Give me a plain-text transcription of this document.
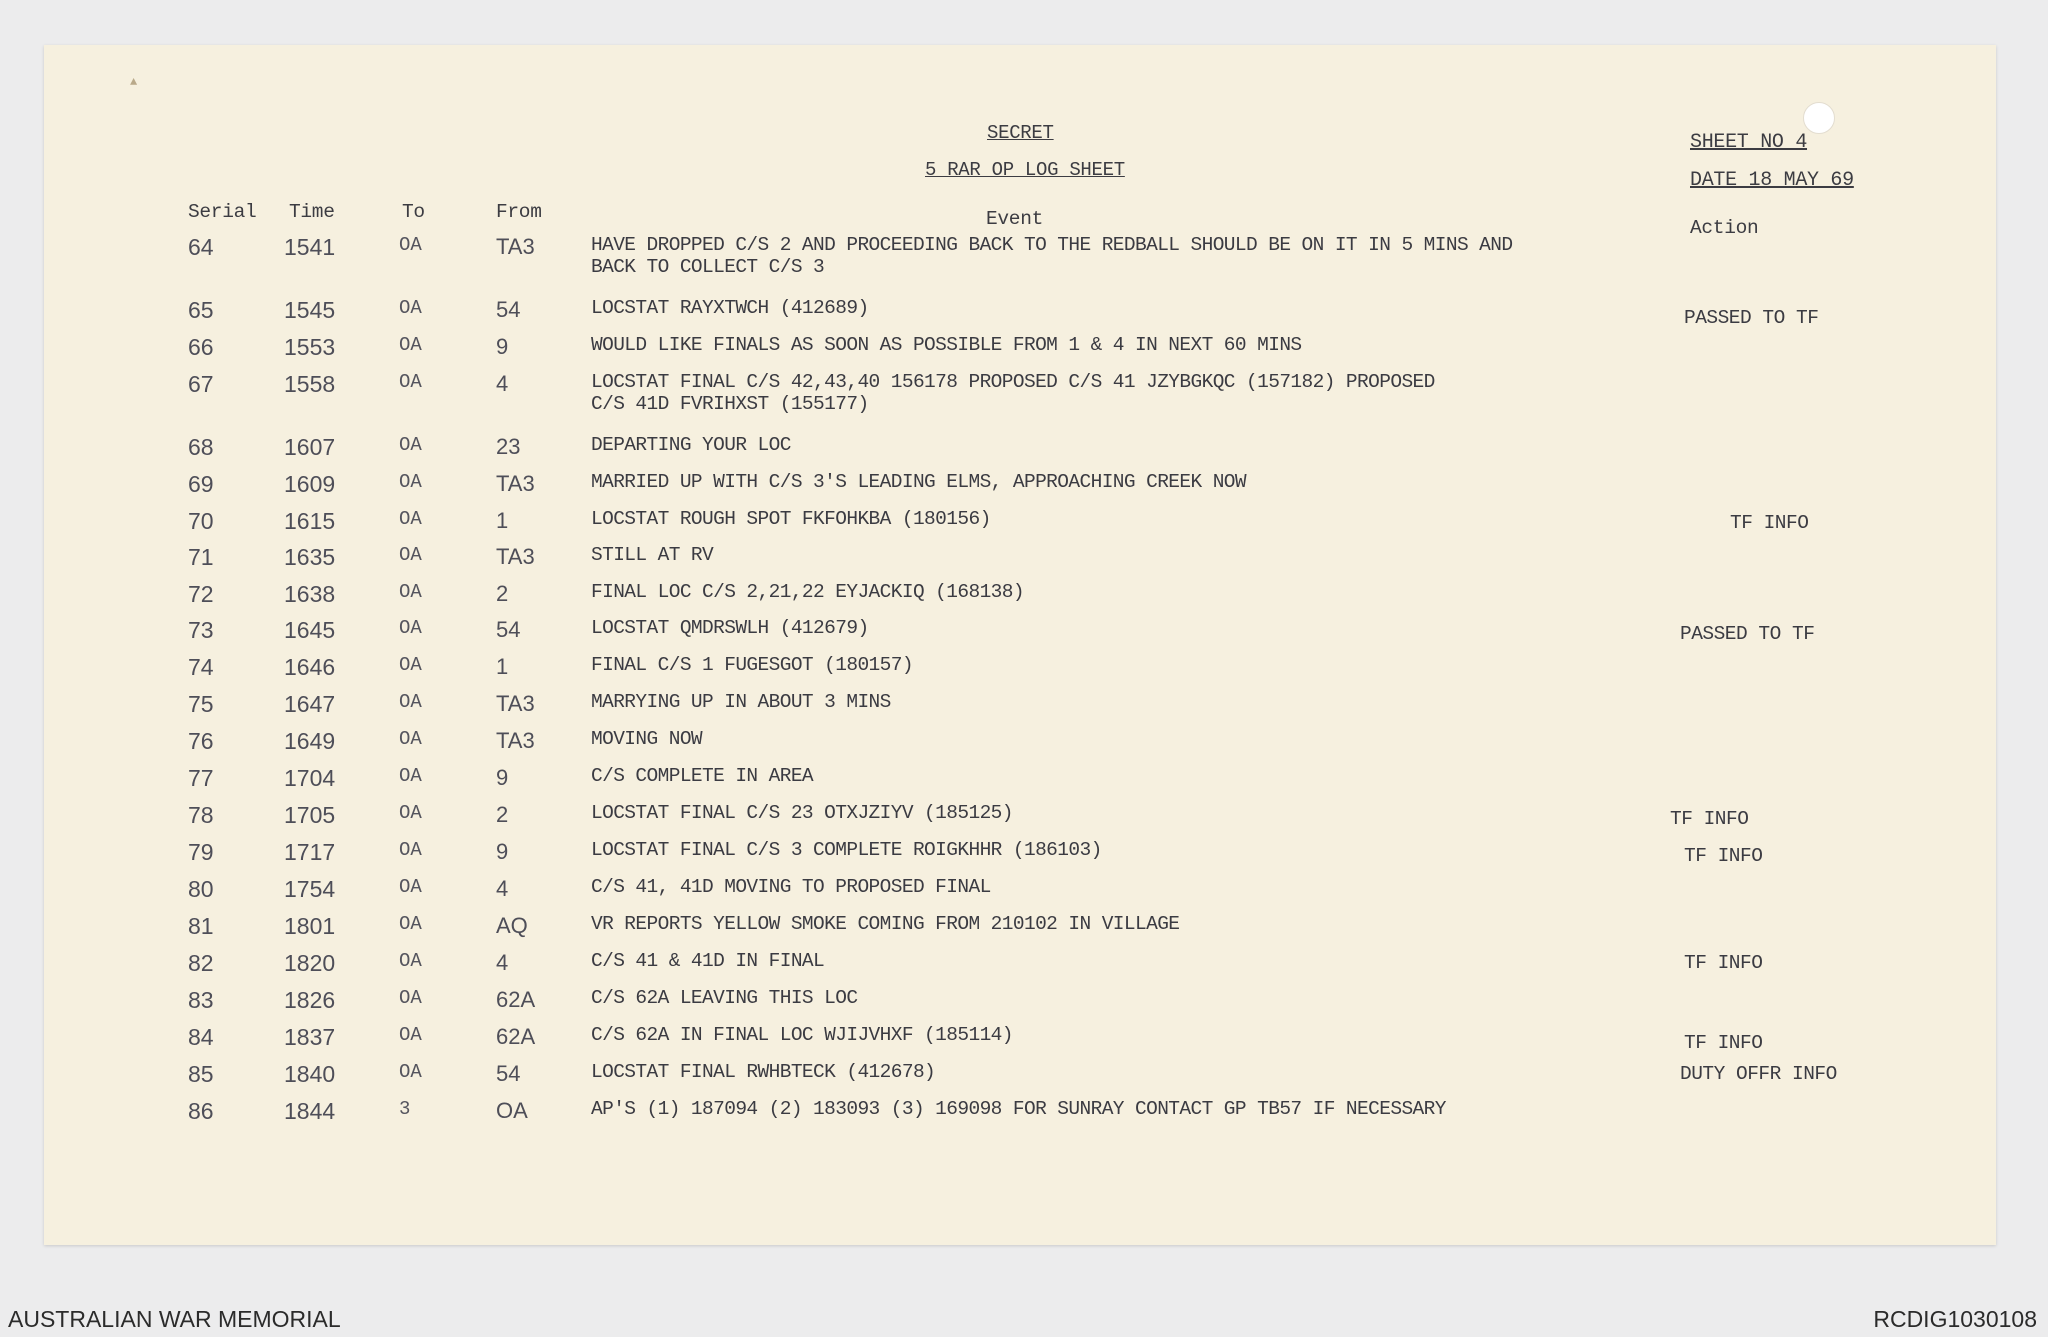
▲
SECRET
5 RAR OP LOG SHEET
SHEET NO 4
DATE 18 MAY 69
Serial Time	To	From	Event	Action
64	1541	OA	TA3	HAVE DROPPED C/S 2 AND PROCEEDING BACK TO THE REDBALL SHOULD BE ON IT IN 5 MINS AND
BACK TO COLLECT C/S 3
65	1545	OA	54	LOCSTAT RAYXTWCH (412689)	PASSED TO TF
66	1553	OA	9	WOULD LIKE FINALS AS SOON AS POSSIBLE FROM 1 & 4 IN NEXT 60 MINS
67	1558	OA	4	LOCSTAT FINAL C/S 42,43,40 156178 PROPOSED C/S 41 JZYBGKQC (157182) PROPOSED
C/S 41D FVRIHXST (155177)
68	1607	OA	23	DEPARTING YOUR LOC
69	1609	OA	TA3	MARRIED UP WITH C/S 3'S LEADING ELMS, APPROACHING CREEK NOW
70	1615	OA	1	LOCSTAT ROUGH SPOT FKFOHKBA (180156)	TF INFO
71	1635	OA	TA3	STILL AT RV
72	1638	OA	2	FINAL LOC C/S 2,21,22 EYJACKIQ (168138)
73	1645	OA	54	LOCSTAT QMDRSWLH (412679)	PASSED TO TF
74	1646	OA	1	FINAL C/S 1 FUGESGOT (180157)
75	1647	OA	TA3	MARRYING UP IN ABOUT 3 MINS
76	1649	OA	TA3	MOVING NOW
77	1704	OA	9	C/S COMPLETE IN AREA
78	1705	OA	2	LOCSTAT FINAL C/S 23 OTXJZIYV (185125)	TF INFO
79	1717	OA	9	LOCSTAT FINAL C/S 3 COMPLETE ROIGKHHR (186103)	TF INFO
80	1754	OA	4	C/S 41, 41D MOVING TO PROPOSED FINAL
81	1801	OA	AQ	VR REPORTS YELLOW SMOKE COMING FROM 210102 IN VILLAGE
82	1820	OA	4	C/S 41 & 41D IN FINAL	TF INFO
83	1826	OA	62A	C/S 62A LEAVING THIS LOC
84	1837	OA	62A	C/S 62A IN FINAL LOC WJIJVHXF (185114)	TF INFO
85	1840	OA	54	LOCSTAT FINAL RWHBTECK (412678)	DUTY OFFR INFO
86	1844	3	OA	AP'S (1) 187094 (2) 183093 (3) 169098 FOR SUNRAY CONTACT GP TB57 IF NECESSARY
AUSTRALIAN WAR MEMORIAL	RCDIG1030108
